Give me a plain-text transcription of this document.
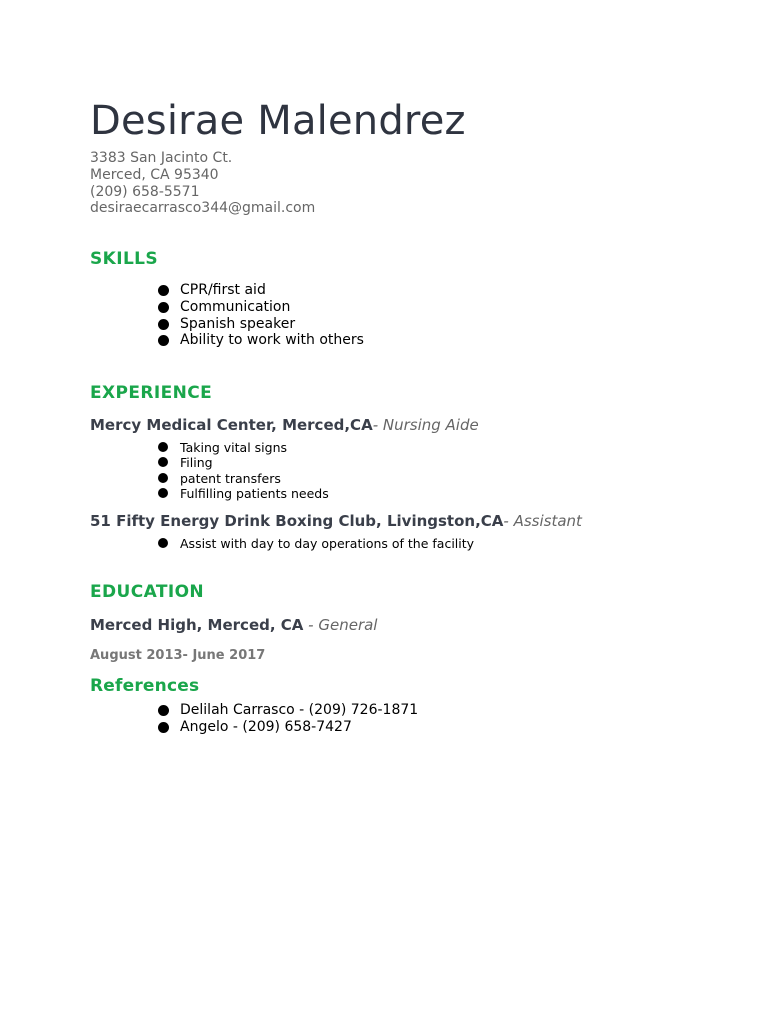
Desirae Malendrez
3383 San Jacinto Ct.
Merced, CA 95340
(209) 658-5571
desiraecarrasco344@gmail.com
SKILLS
CPR/first aid
Communication
Spanish speaker
Ability to work with others
EXPERIENCE
Mercy Medical Center, Merced,CA- Nursing Aide
Taking vital signs
Filing
patent transfers
Fulfilling patients needs
51 Fifty Energy Drink Boxing Club, Livingston,CA- Assistant
Assist with day to day operations of the facility
EDUCATION
Merced High, Merced, CA - General
August 2013- June 2017
References
Delilah Carrasco - (209) 726-1871
Angelo - (209) 658-7427
